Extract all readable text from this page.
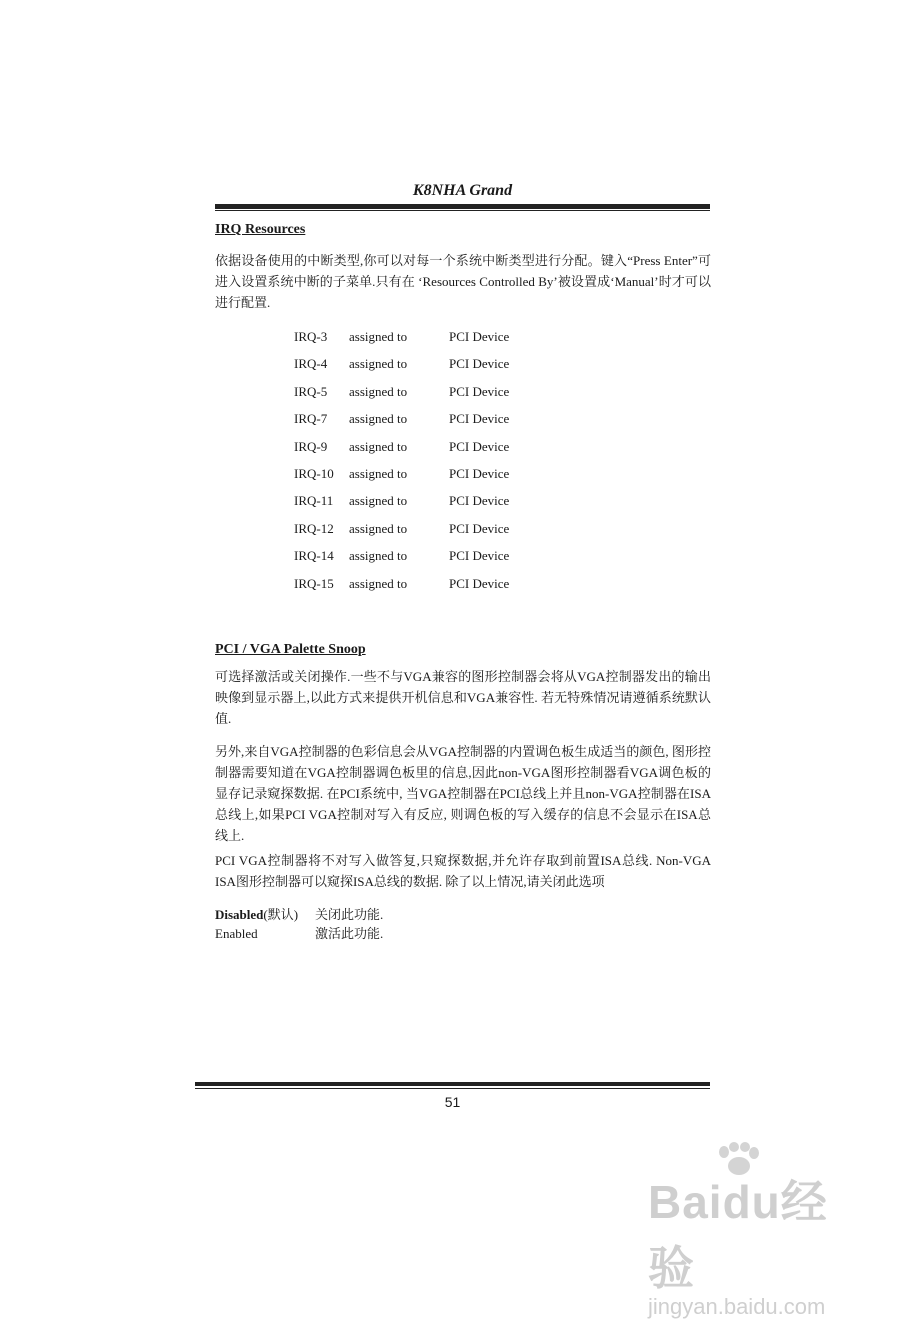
K8NHA Grand
IRQ Resources
依据设备使用的中断类型,你可以对每一个系统中断类型进行分配。键入“Press Enter”可进入设置系统中断的子菜单.只有在 ‘Resources Controlled By’被设置成‘Manual’时才可以进行配置.
IRQ-3	assigned to	PCI Device
IRQ-4	assigned to	PCI Device
IRQ-5	assigned to	PCI Device
IRQ-7	assigned to	PCI Device
IRQ-9	assigned to	PCI Device
IRQ-10	assigned to	PCI Device
IRQ-11	assigned to	PCI Device
IRQ-12	assigned to	PCI Device
IRQ-14	assigned to	PCI Device
IRQ-15	assigned to	PCI Device
PCI / VGA Palette Snoop
可选择激活或关闭操作.一些不与VGA兼容的图形控制器会将从VGA控制器发出的输出映像到显示器上,以此方式来提供开机信息和VGA兼容性. 若无特殊情况请遵循系统默认值.
另外,来自VGA控制器的色彩信息会从VGA控制器的内置调色板生成适当的颜色, 图形控制器需要知道在VGA控制器调色板里的信息,因此non-VGA图形控制器看VGA调色板的显存记录窥探数据. 在PCI系统中, 当VGA控制器在PCI总线上并且non-VGA控制器在ISA总线上,如果PCI VGA控制对写入有反应, 则调色板的写入缓存的信息不会显示在ISA总线上.
PCI VGA控制器将不对写入做答复,只窥探数据,并允许存取到前置ISA总线. Non-VGA ISA图形控制器可以窥探ISA总线的数据. 除了以上情况,请关闭此选项
Disabled(默认) 关闭此功能.
Enabled	激活此功能.
51
Baidu经验
jingyan.baidu.com
